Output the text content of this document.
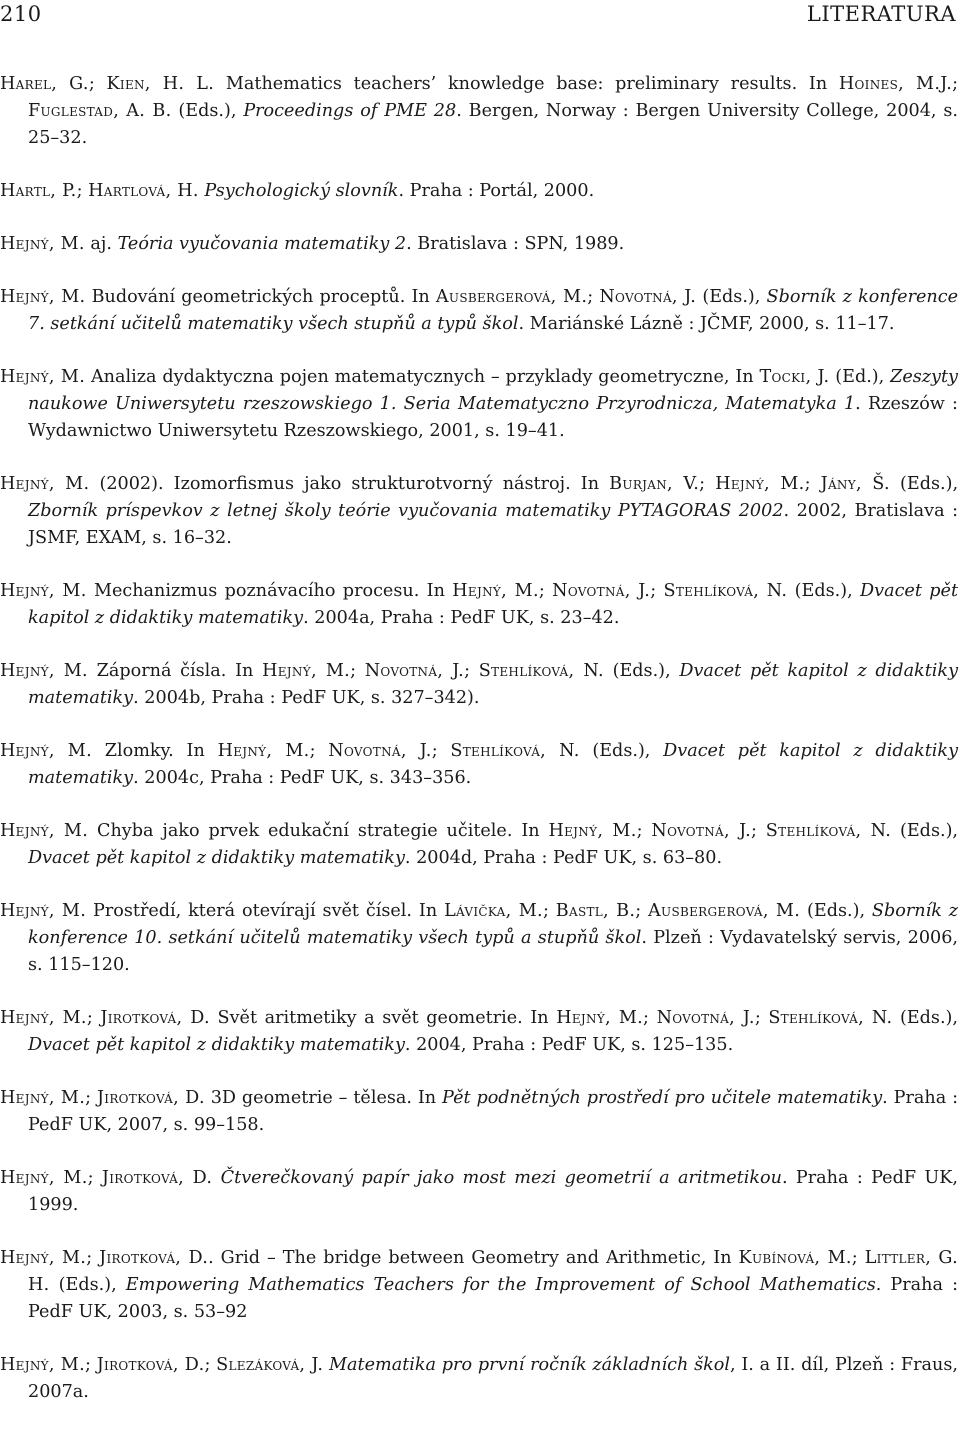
210	LITERATURA

Harel, G.; Kien, H. L. Mathematics teachers’ knowledge base: preliminary results. In Hoines, M.J.; Fuglestad, A. B. (Eds.), Proceedings of PME 28. Bergen, Norway : Bergen University College, 2004, s. 25–32.

Hartl, P.; Hartlová, H. Psychologický slovník. Praha : Portál, 2000.

Hejný, M. aj. Teória vyučovania matematiky 2. Bratislava : SPN, 1989.

Hejný, M. Budování geometrických proceptů. In Ausbergerová, M.; Novotná, J. (Eds.), Sborník z konference 7. setkání učitelů matematiky všech stupňů a typů škol. Mariánské Lázně : JČMF, 2000, s. 11–17.

Hejný, M. Analiza dydaktyczna pojen matematycznych – przyklady geometryczne, In Tocki, J. (Ed.), Zeszyty naukowe Uniwersytetu rzeszowskiego 1. Seria Matematyczno Przyrodnicza, Matematyka 1. Rzeszów : Wydawnictwo Uniwersytetu Rzeszowskiego, 2001, s. 19–41.

Hejný, M. (2002). Izomorfismus jako strukturotvorný nástroj. In Burjan, V.; Hejný, M.; Jány, Š. (Eds.), Zborník príspevkov z letnej školy teórie vyučovania matematiky PYTAGORAS 2002. 2002, Bratislava : JSMF, EXAM, s. 16–32.

Hejný, M. Mechanizmus poznávacího procesu. In Hejný, M.; Novotná, J.; Stehlíková, N. (Eds.), Dvacet pět kapitol z didaktiky matematiky. 2004a, Praha : PedF UK, s. 23–42.

Hejný, M. Záporná čísla. In Hejný, M.; Novotná, J.; Stehlíková, N. (Eds.), Dvacet pět kapitol z didaktiky matematiky. 2004b, Praha : PedF UK, s. 327–342).

Hejný, M. Zlomky. In Hejný, M.; Novotná, J.; Stehlíková, N. (Eds.), Dvacet pět kapitol z didaktiky matematiky. 2004c, Praha : PedF UK, s. 343–356.

Hejný, M. Chyba jako prvek edukační strategie učitele. In Hejný, M.; Novotná, J.; Stehlíková, N. (Eds.), Dvacet pět kapitol z didaktiky matematiky. 2004d, Praha : PedF UK, s. 63–80.

Hejný, M. Prostředí, která otevírají svět čísel. In Lávička, M.; Bastl, B.; Ausbergerová, M. (Eds.), Sborník z konference 10. setkání učitelů matematiky všech typů a stupňů škol. Plzeň : Vydavatelský servis, 2006, s. 115–120.

Hejný, M.; Jirotková, D. Svět aritmetiky a svět geometrie. In Hejný, M.; Novotná, J.; Stehlíková, N. (Eds.), Dvacet pět kapitol z didaktiky matematiky. 2004, Praha : PedF UK, s. 125–135.

Hejný, M.; Jirotková, D. 3D geometrie – tělesa. In Pět podnětných prostředí pro učitele matematiky. Praha : PedF UK, 2007, s. 99–158.

Hejný, M.; Jirotková, D. Čtverečkovaný papír jako most mezi geometrií a aritmetikou. Praha : PedF UK, 1999.

Hejný, M.; Jirotková, D.. Grid – The bridge between Geometry and Arithmetic, In Kubínová, M.; Littler, G. H. (Eds.), Empowering Mathematics Teachers for the Improvement of School Mathematics. Praha : PedF UK, 2003, s. 53–92

Hejný, M.; Jirotková, D.; Slezáková, J. Matematika pro první ročník základních škol, I. a II. díl, Plzeň : Fraus, 2007a.
